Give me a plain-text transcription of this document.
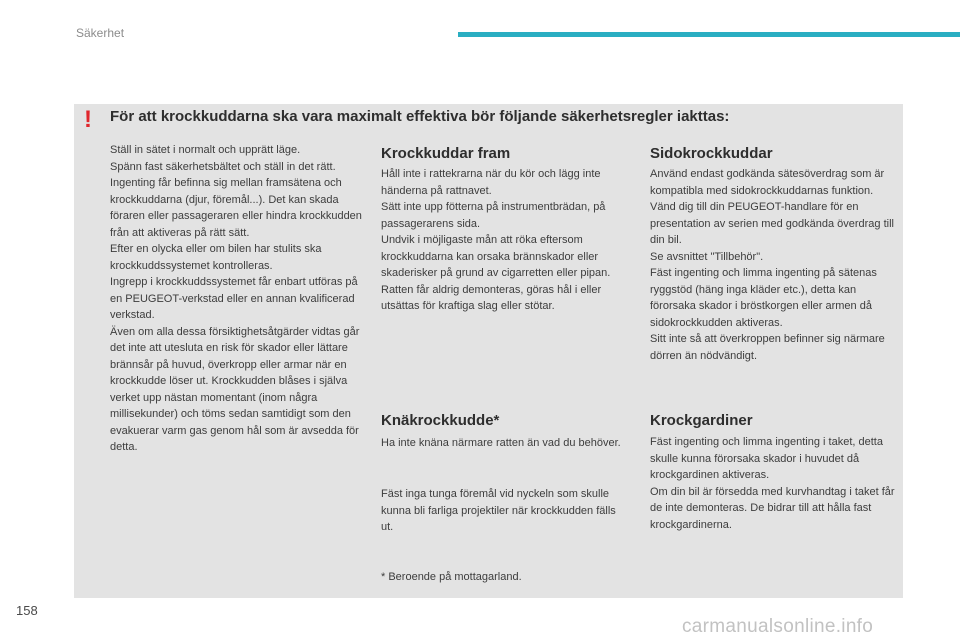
Säkerhet
! För att krockkuddarna ska vara maximalt effektiva bör följande säkerhetsregler iakttas:

Ställ in sätet i normalt och upprätt läge.
Spänn fast säkerhetsbältet och ställ in det rätt.
Ingenting får befinna sig mellan framsätena och krockkuddarna (djur, föremål...). Det kan skada föraren eller passageraren eller hindra krockkudden från att aktiveras på rätt sätt.
Efter en olycka eller om bilen har stulits ska krockkuddssystemet kontrolleras.
Ingrepp i krockkuddssystemet får enbart utföras på en PEUGEOT-verkstad eller en annan kvalificerad verkstad.
Även om alla dessa försiktighetsåtgärder vidtas går det inte att utesluta en risk för skador eller lättare brännsår på huvud, överkropp eller armar när en krockkudde löser ut. Krockkudden blåses i själva verket upp nästan momentant (inom några millisekunder) och töms sedan samtidigt som den evakuerar varm gas genom hål som är avsedda för detta.

Krockkuddar fram

Håll inte i rattekrarna när du kör och lägg inte händerna på rattnavet.
Sätt inte upp fötterna på instrumentbrädan, på passagerarens sida.
Undvik i möjligaste mån att röka eftersom krockkuddarna kan orsaka brännskador eller skaderisker på grund av cigarretten eller pipan.
Ratten får aldrig demonteras, göras hål i eller utsättas för kraftiga slag eller stötar.

Knäkrockkudde*

Ha inte knäna närmare ratten än vad du behöver.

Fäst inga tunga föremål vid nyckeln som skulle kunna bli farliga projektiler när krockkudden fälls ut.

Sidokrockkuddar

Använd endast godkända sätesöverdrag som är kompatibla med sidokrockkuddarnas funktion. Vänd dig till din PEUGEOT-handlare för en presentation av serien med godkända överdrag till din bil.
Se avsnittet "Tillbehör".
Fäst ingenting och limma ingenting på sätenas ryggstöd (häng inga kläder etc.), detta kan förorsaka skador i bröstkorgen eller armen då sidokrockkudden aktiveras.
Sitt inte så att överkroppen befinner sig närmare dörren än nödvändigt.

Krockgardiner

Fäst ingenting och limma ingenting i taket, detta skulle kunna förorsaka skador i huvudet då krockgardinen aktiveras.
Om din bil är försedda med kurvhandtag i taket får de inte demonteras. De bidrar till att hålla fast krockgardinerna.

* Beroende på mottagarland.
158
carmanualsonline.info
